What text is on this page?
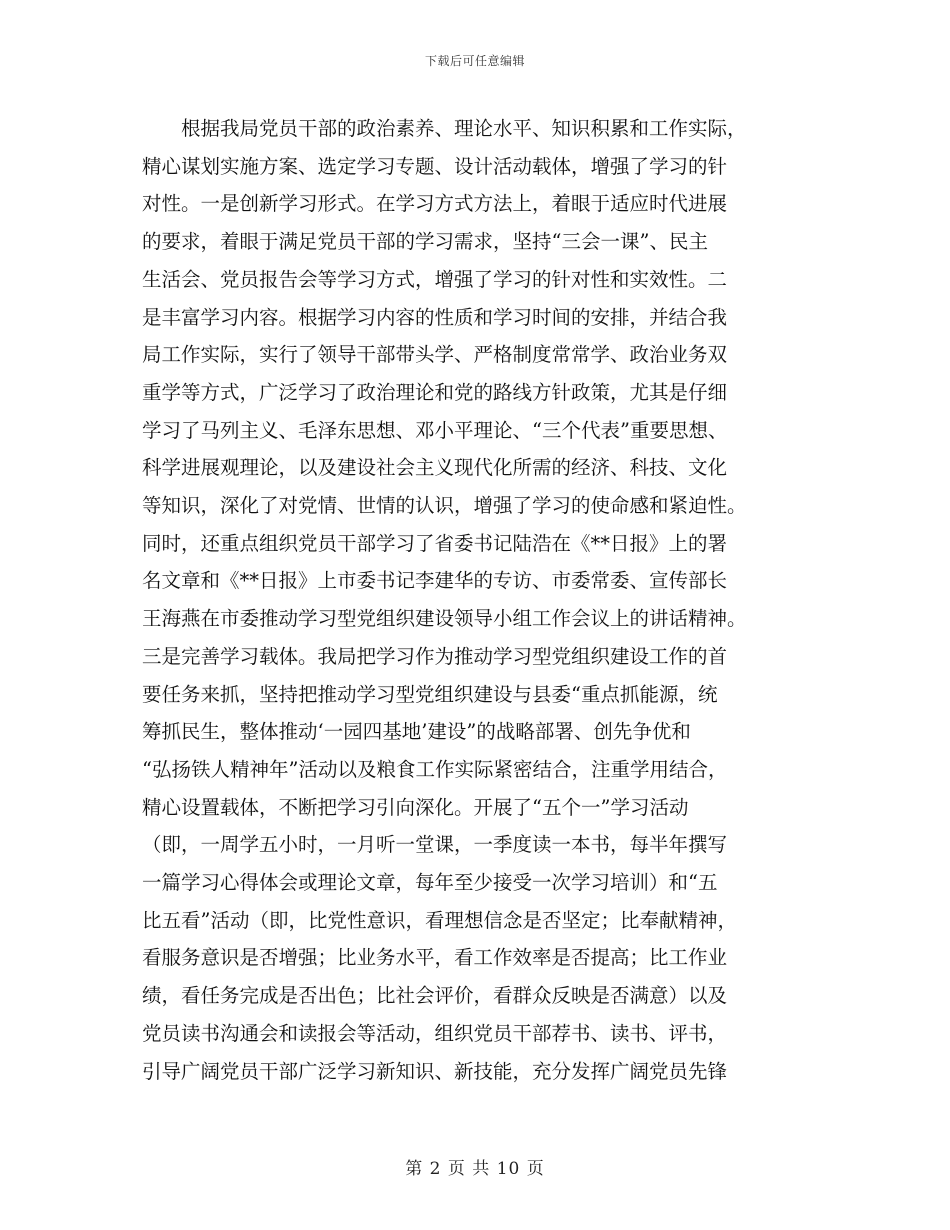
下载后可任意编辑
　　根据我局党员干部的政治素养、理论水平、知识积累和工作实际，
精心谋划实施方案、选定学习专题、设计活动载体，增强了学习的针
对性。一是创新学习形式。在学习方式方法上，着眼于适应时代进展
的要求，着眼于满足党员干部的学习需求，坚持“三会一课”、民主
生活会、党员报告会等学习方式，增强了学习的针对性和实效性。二
是丰富学习内容。根据学习内容的性质和学习时间的安排，并结合我
局工作实际，实行了领导干部带头学、严格制度常常学、政治业务双
重学等方式，广泛学习了政治理论和党的路线方针政策，尤其是仔细
学习了马列主义、毛泽东思想、邓小平理论、“三个代表”重要思想、
科学进展观理论，以及建设社会主义现代化所需的经济、科技、文化
等知识，深化了对党情、世情的认识，增强了学习的使命感和紧迫性。
同时，还重点组织党员干部学习了省委书记陆浩在《**日报》上的署
名文章和《**日报》上市委书记李建华的专访、市委常委、宣传部长
王海燕在市委推动学习型党组织建设领导小组工作会议上的讲话精神。
三是完善学习载体。我局把学习作为推动学习型党组织建设工作的首
要任务来抓，坚持把推动学习型党组织建设与县委“重点抓能源，统
筹抓民生，整体推动‘一园四基地’建设”的战略部署、创先争优和
“弘扬铁人精神年”活动以及粮食工作实际紧密结合，注重学用结合，
精心设置载体，不断把学习引向深化。开展了“五个一”学习活动
（即，一周学五小时，一月听一堂课，一季度读一本书，每半年撰写
一篇学习心得体会或理论文章，每年至少接受一次学习培训）和“五
比五看”活动（即，比党性意识，看理想信念是否坚定；比奉献精神，
看服务意识是否增强；比业务水平，看工作效率是否提高；比工作业
绩，看任务完成是否出色；比社会评价，看群众反映是否满意）以及
党员读书沟通会和读报会等活动，组织党员干部荐书、读书、评书，
引导广阔党员干部广泛学习新知识、新技能，充分发挥广阔党员先锋
第 2 页 共 10 页
